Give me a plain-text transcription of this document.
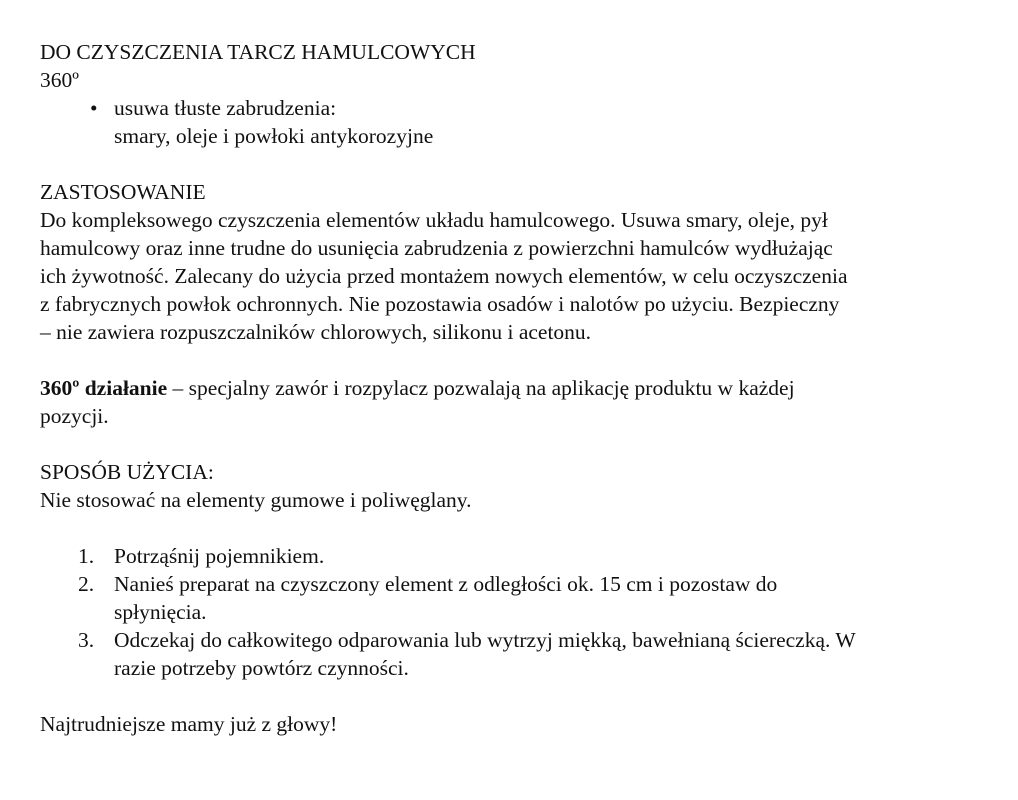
DO CZYSZCZENIA TARCZ HAMULCOWYCH
360º
• usuwa tłuste zabrudzenia:
smary, oleje i powłoki antykorozyjne
ZASTOSOWANIE
Do kompleksowego czyszczenia elementów układu hamulcowego. Usuwa smary, oleje, pył
hamulcowy oraz inne trudne do usunięcia zabrudzenia z powierzchni hamulców wydłużając
ich żywotność. Zalecany do użycia przed montażem nowych elementów, w celu oczyszczenia
z fabrycznych powłok ochronnych. Nie pozostawia osadów i nalotów po użyciu. Bezpieczny
– nie zawiera rozpuszczalników chlorowych, silikonu i acetonu.
360º działanie – specjalny zawór i rozpylacz pozwalają na aplikację produktu w każdej
pozycji.
SPOSÓB UŻYCIA:
Nie stosować na elementy gumowe i poliwęglany.
1. Potrząśnij pojemnikiem.
2. Nanieś preparat na czyszczony element z odległości ok. 15 cm i pozostaw do
spłynięcia.
3. Odczekaj do całkowitego odparowania lub wytrzyj miękką, bawełnianą ściereczką. W
razie potrzeby powtórz czynności.
Najtrudniejsze mamy już z głowy!
